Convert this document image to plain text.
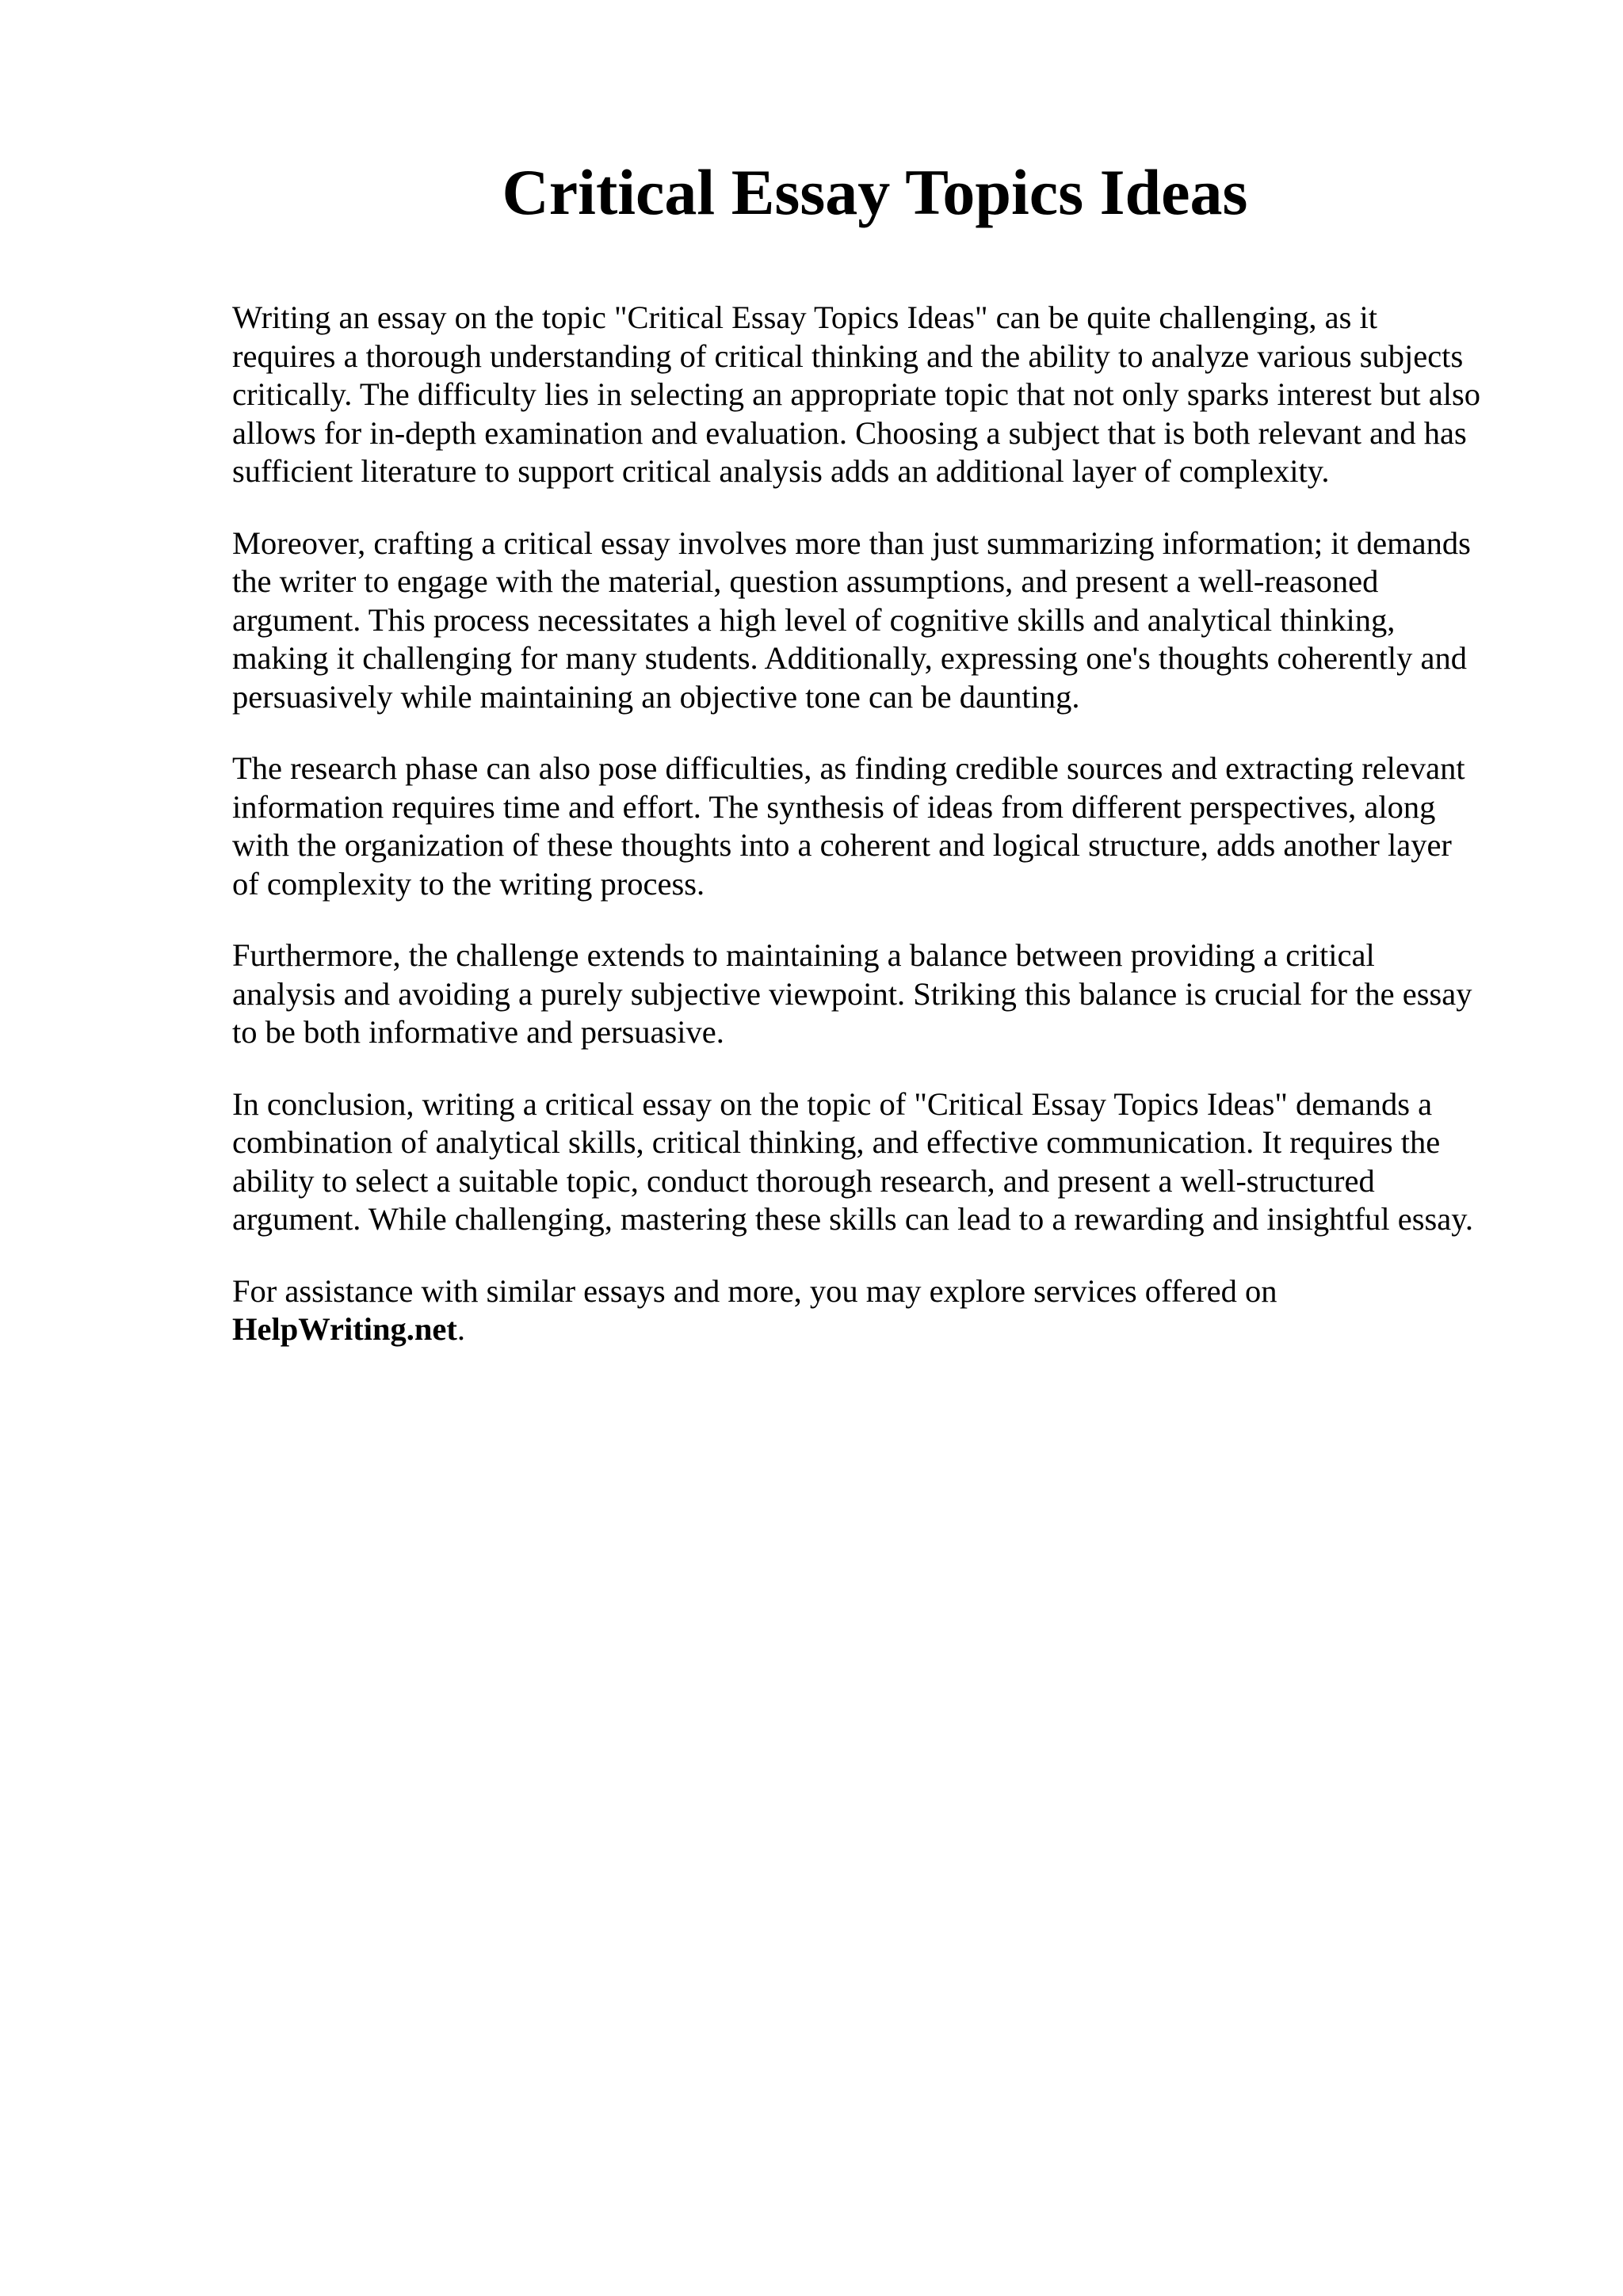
Critical Essay Topics Ideas

Writing an essay on the topic "Critical Essay Topics Ideas" can be quite challenging, as it
requires a thorough understanding of critical thinking and the ability to analyze various subjects
critically. The difficulty lies in selecting an appropriate topic that not only sparks interest but also
allows for in-depth examination and evaluation. Choosing a subject that is both relevant and has
sufficient literature to support critical analysis adds an additional layer of complexity.

Moreover, crafting a critical essay involves more than just summarizing information; it demands
the writer to engage with the material, question assumptions, and present a well-reasoned
argument. This process necessitates a high level of cognitive skills and analytical thinking,
making it challenging for many students. Additionally, expressing one's thoughts coherently and
persuasively while maintaining an objective tone can be daunting.

The research phase can also pose difficulties, as finding credible sources and extracting relevant
information requires time and effort. The synthesis of ideas from different perspectives, along
with the organization of these thoughts into a coherent and logical structure, adds another layer
of complexity to the writing process.

Furthermore, the challenge extends to maintaining a balance between providing a critical
analysis and avoiding a purely subjective viewpoint. Striking this balance is crucial for the essay
to be both informative and persuasive.

In conclusion, writing a critical essay on the topic of "Critical Essay Topics Ideas" demands a
combination of analytical skills, critical thinking, and effective communication. It requires the
ability to select a suitable topic, conduct thorough research, and present a well-structured
argument. While challenging, mastering these skills can lead to a rewarding and insightful essay.

For assistance with similar essays and more, you may explore services offered on
HelpWriting.net.
